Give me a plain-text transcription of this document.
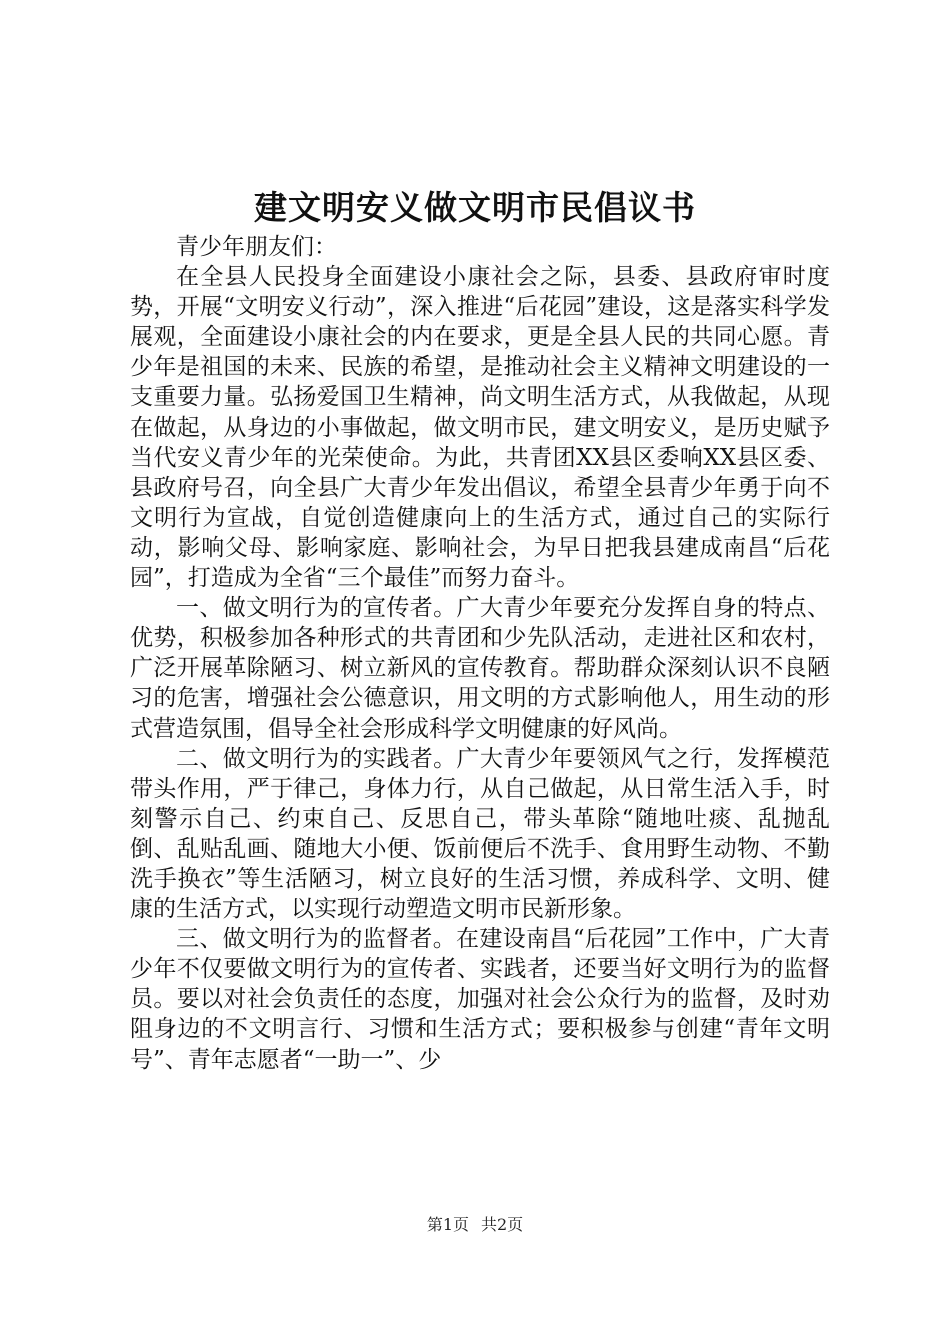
建文明安义做文明市民倡议书
青少年朋友们：

在全县人民投身全面建设小康社会之际，县委、县政府审时度势，开展“文明安义行动”，深入推进“后花园”建设，这是落实科学发展观，全面建设小康社会的内在要求，更是全县人民的共同心愿。青少年是祖国的未来、民族的希望，是推动社会主义精神文明建设的一支重要力量。弘扬爱国卫生精神，尚文明生活方式，从我做起，从现在做起，从身边的小事做起，做文明市民，建文明安义，是历史赋予当代安义青少年的光荣使命。为此，共青团XX县区委响XX县区委、县政府号召，向全县广大青少年发出倡议，希望全县青少年勇于向不文明行为宣战，自觉创造健康向上的生活方式，通过自己的实际行动，影响父母、影响家庭、影响社会，为早日把我县建成南昌“后花园”，打造成为全省“三个最佳”而努力奋斗。

一、做文明行为的宣传者。广大青少年要充分发挥自身的特点、优势，积极参加各种形式的共青团和少先队活动，走进社区和农村，广泛开展革除陋习、树立新风的宣传教育。帮助群众深刻认识不良陋习的危害，增强社会公德意识，用文明的方式影响他人，用生动的形式营造氛围，倡导全社会形成科学文明健康的好风尚。

二、做文明行为的实践者。广大青少年要领风气之行，发挥模范带头作用，严于律己，身体力行，从自己做起，从日常生活入手，时刻警示自己、约束自己、反思自己，带头革除“随地吐痰、乱抛乱倒、乱贴乱画、随地大小便、饭前便后不洗手、食用野生动物、不勤洗手换衣”等生活陋习，树立良好的生活习惯，养成科学、文明、健康的生活方式，以实现行动塑造文明市民新形象。

三、做文明行为的监督者。在建设南昌“后花园”工作中，广大青少年不仅要做文明行为的宣传者、实践者，还要当好文明行为的监督员。要以对社会负责任的态度，加强对社会公众行为的监督，及时劝阻身边的不文明言行、习惯和生活方式；要积极参与创建“青年文明号”、青年志愿者“一助一”、少

第1页 共2页
